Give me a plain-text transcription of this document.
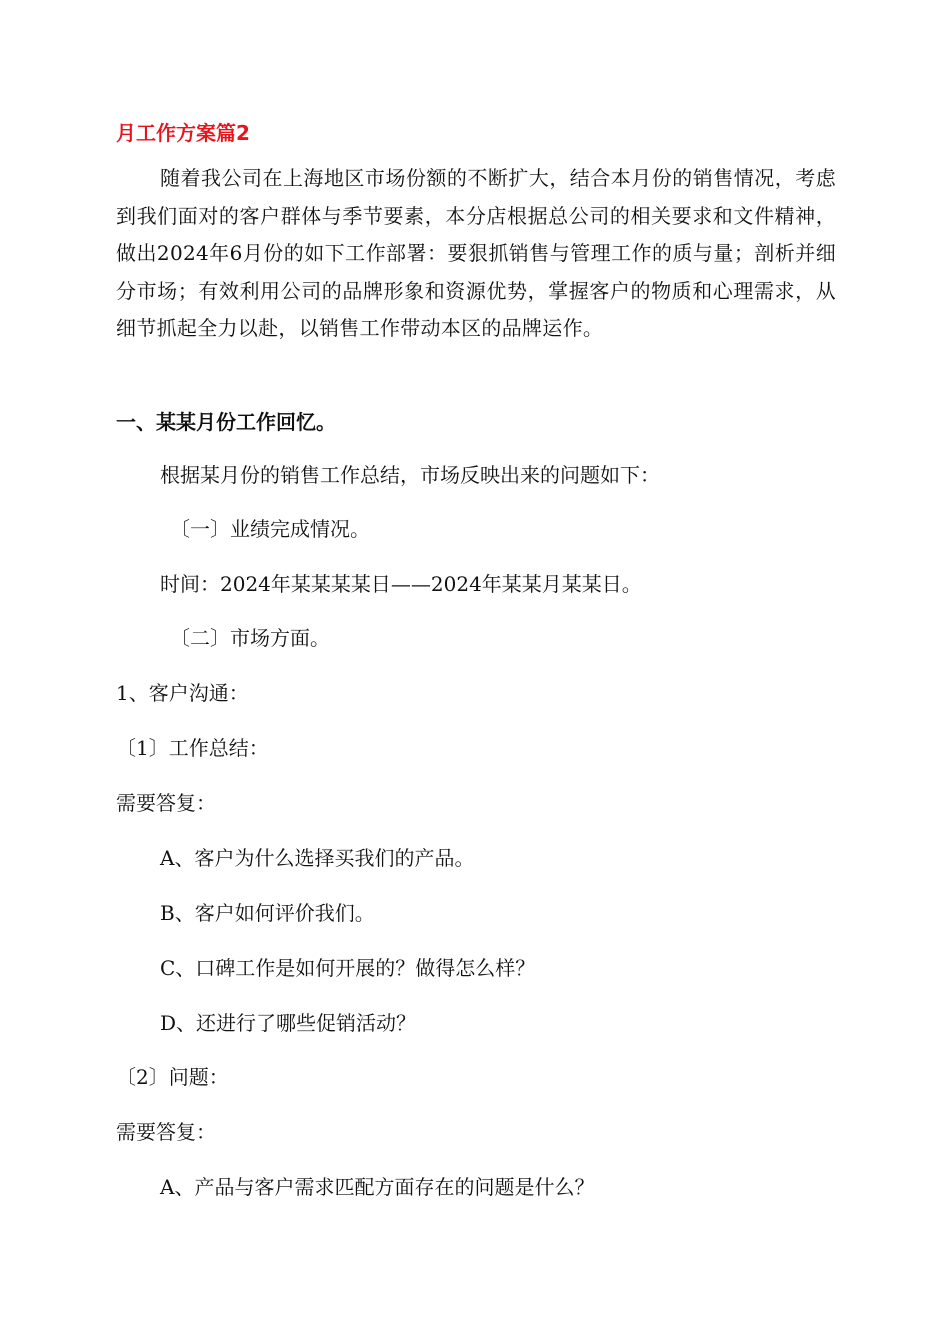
月工作方案篇2
随着我公司在上海地区市场份额的不断扩大，结合本月份的销售情况，考虑到我们面对的客户群体与季节要素，本分店根据总公司的相关要求和文件精神，做出2024年6月份的如下工作部署：要狠抓销售与管理工作的质与量；剖析并细分市场；有效利用公司的品牌形象和资源优势，掌握客户的物质和心理需求，从细节抓起全力以赴，以销售工作带动本区的品牌运作。
一、某某月份工作回忆。
根据某月份的销售工作总结，市场反映出来的问题如下：
〔一〕业绩完成情况。
时间：2024年某某某某日——2024年某某月某某日。
〔二〕市场方面。
1、客户沟通：
〔1〕工作总结：
需要答复：
A、客户为什么选择买我们的产品。
B、客户如何评价我们。
C、口碑工作是如何开展的？做得怎么样？
D、还进行了哪些促销活动？
〔2〕问题：
需要答复：
A、产品与客户需求匹配方面存在的问题是什么？
